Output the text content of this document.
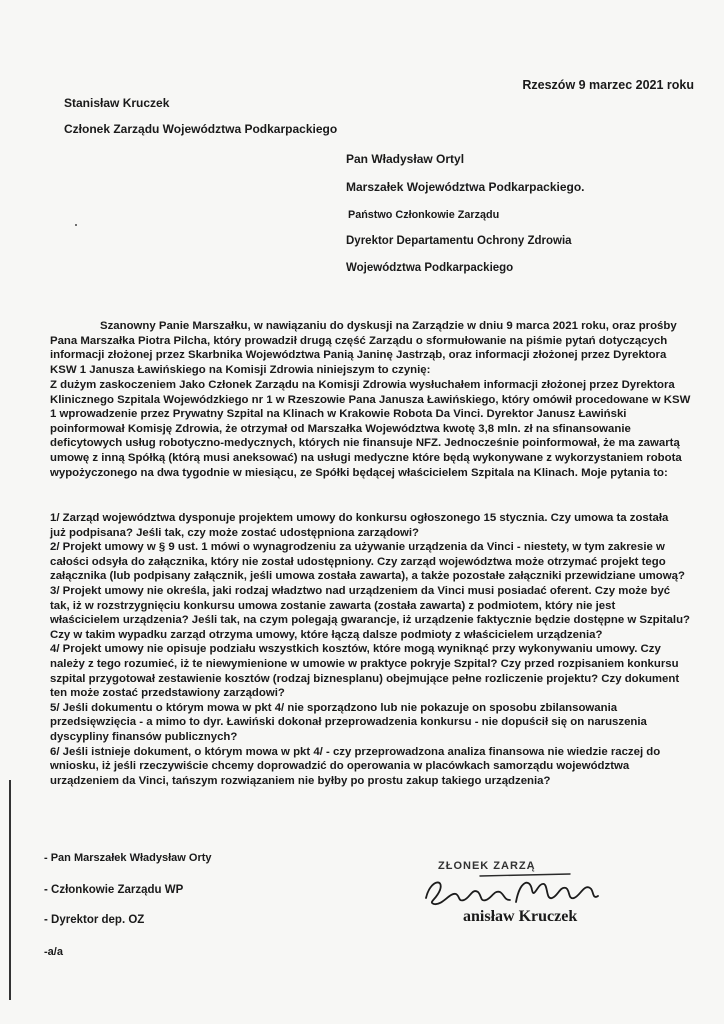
Rzeszów 9 marzec 2021 roku
Stanisław Kruczek
Członek Zarządu Województwa Podkarpackiego
Pan Władysław Ortyl
Marszałek Województwa Podkarpackiego.
Państwo Członkowie Zarządu
Dyrektor Departamentu Ochrony Zdrowia
Województwa Podkarpackiego
Szanowny Panie Marszałku, w nawiązaniu do dyskusji na Zarządzie w dniu 9 marca 2021 roku, oraz prośby
Pana Marszałka Piotra Pilcha, który prowadził drugą część Zarządu o sformułowanie na piśmie pytań dotyczących
informacji złożonej przez Skarbnika Województwa Panią Janinę Jastrząb, oraz informacji złożonej przez Dyrektora
KSW 1 Janusza Ławińskiego na Komisji Zdrowia niniejszym to czynię:
Z dużym zaskoczeniem Jako Członek Zarządu na Komisji Zdrowia wysłuchałem informacji złożonej przez Dyrektora
Klinicznego Szpitala Wojewódzkiego nr 1 w Rzeszowie Pana Janusza Ławińskiego, który omówił procedowane w KSW
1 wprowadzenie przez Prywatny Szpital na Klinach w Krakowie Robota Da Vinci. Dyrektor Janusz Ławiński
poinformował Komisję Zdrowia, że otrzymał od Marszałka Województwa kwotę 3,8 mln. zł na sfinansowanie
deficytowych usług robotyczno-medycznych, których nie finansuje NFZ. Jednocześnie poinformował, że ma zawartą
umowę z inną Spółką (którą musi aneksować) na usługi medyczne które będą wykonywane z wykorzystaniem robota
wypożyczonego na dwa tygodnie w miesiącu, ze Spółki będącej właścicielem Szpitala na Klinach. Moje pytania to:
1/ Zarząd województwa dysponuje projektem umowy do konkursu ogłoszonego 15 stycznia. Czy umowa ta została
już podpisana? Jeśli tak, czy może zostać udostępniona zarządowi?
2/ Projekt umowy w § 9 ust. 1 mówi o wynagrodzeniu za używanie urządzenia da Vinci - niestety, w tym zakresie w
całości odsyła do załącznika, który nie został udostępniony. Czy zarząd województwa może otrzymać projekt tego
załącznika (lub podpisany załącznik, jeśli umowa została zawarta), a także pozostałe załączniki przewidziane umową?
3/ Projekt umowy nie określa, jaki rodzaj władztwo nad urządzeniem da Vinci musi posiadać oferent. Czy może być
tak, iż w rozstrzygnięciu konkursu umowa zostanie zawarta (została zawarta) z podmiotem, który nie jest
właścicielem urządzenia? Jeśli tak, na czym polegają gwarancje, iż urządzenie faktycznie będzie dostępne w Szpitalu?
Czy w takim wypadku zarząd otrzyma umowy, które łączą dalsze podmioty z właścicielem urządzenia?
4/ Projekt umowy nie opisuje podziału wszystkich kosztów, które mogą wyniknąć przy wykonywaniu umowy. Czy
należy z tego rozumieć, iż te niewymienione w umowie w praktyce pokryje Szpital? Czy przed rozpisaniem konkursu
szpital przygotował zestawienie kosztów (rodzaj biznesplanu) obejmujące pełne rozliczenie projektu? Czy dokument
ten może zostać przedstawiony zarządowi?
5/ Jeśli dokumentu o którym mowa w pkt 4/ nie sporządzono lub nie pokazuje on sposobu zbilansowania
przedsięwzięcia - a mimo to dyr. Ławiński dokonał przeprowadzenia konkursu - nie dopuścił się on naruszenia
dyscypliny finansów publicznych?
6/ Jeśli istnieje dokument, o którym mowa w pkt 4/ - czy przeprowadzona analiza finansowa nie wiedzie raczej do
wniosku, iż jeśli rzeczywiście chcemy doprowadzić do operowania w placówkach samorządu województwa
urządzeniem da Vinci, tańszym rozwiązaniem nie byłby po prostu zakup takiego urządzenia?
- Pan Marszałek Władysław Orty
- Członkowie Zarządu WP
- Dyrektor dep. OZ
-a/a
ZŁONEK ZARZĄ
anisław Kruczek
